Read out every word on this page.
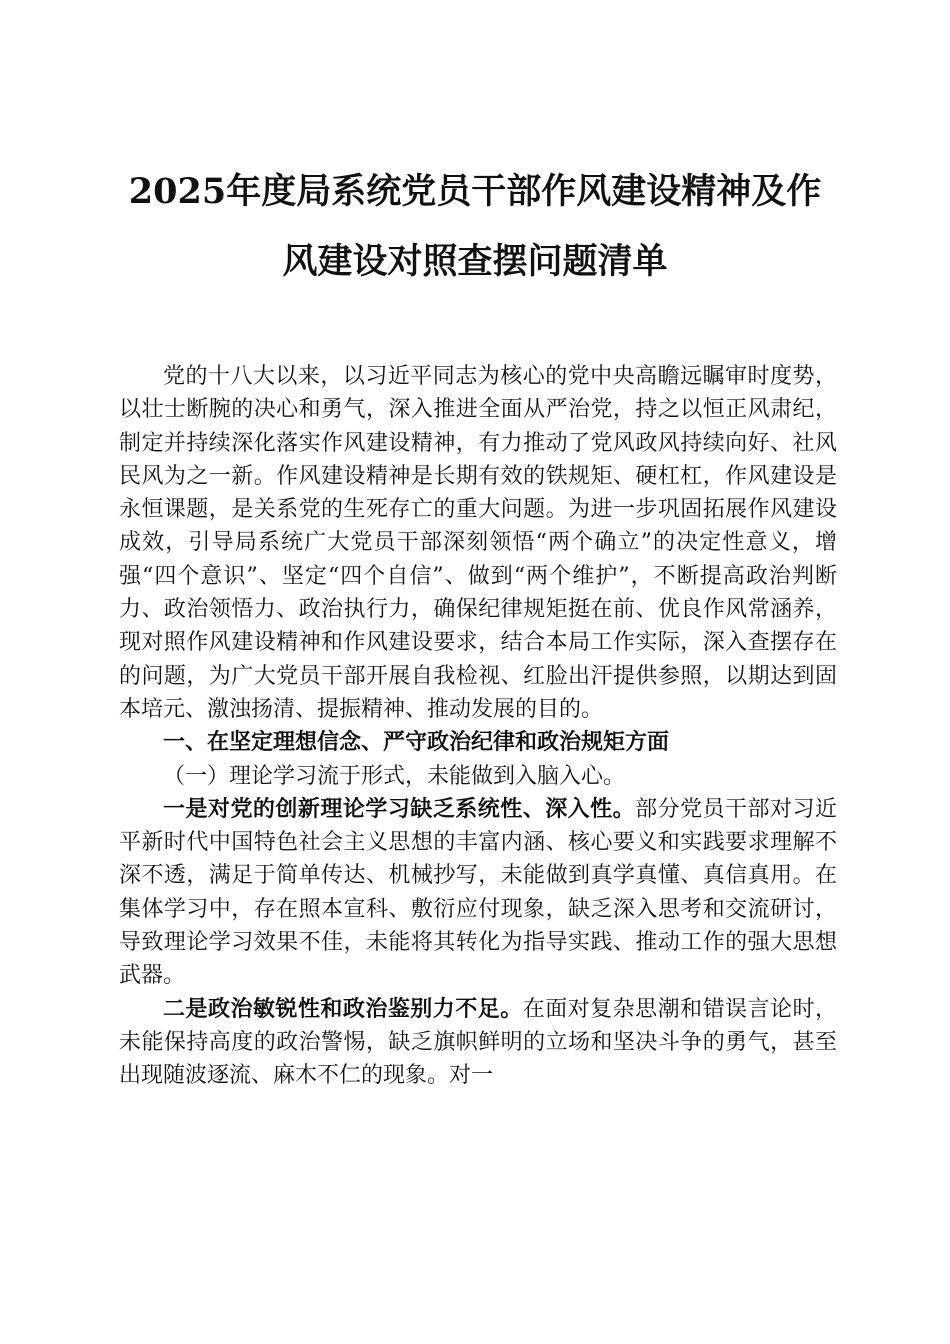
2025年度局系统党员干部作风建设精神及作
风建设对照查摆问题清单

党的十八大以来，以习近平同志为核心的党中央高瞻远瞩审时度势，以壮士断腕的决心和勇气，深入推进全面从严治党，持之以恒正风肃纪，制定并持续深化落实作风建设精神，有力推动了党风政风持续向好、社风民风为之一新。作风建设精神是长期有效的铁规矩、硬杠杠，作风建设是永恒课题，是关系党的生死存亡的重大问题。为进一步巩固拓展作风建设成效，引导局系统广大党员干部深刻领悟“两个确立”的决定性意义，增强“四个意识”、坚定“四个自信”、做到“两个维护”，不断提高政治判断力、政治领悟力、政治执行力，确保纪律规矩挺在前、优良作风常涵养，现对照作风建设精神和作风建设要求，结合本局工作实际，深入查摆存在的问题，为广大党员干部开展自我检视、红脸出汗提供参照，以期达到固本培元、激浊扬清、提振精神、推动发展的目的。

一、在坚定理想信念、严守政治纪律和政治规矩方面

（一）理论学习流于形式，未能做到入脑入心。

一是对党的创新理论学习缺乏系统性、深入性。部分党员干部对习近平新时代中国特色社会主义思想的丰富内涵、核心要义和实践要求理解不深不透，满足于简单传达、机械抄写，未能做到真学真懂、真信真用。在集体学习中，存在照本宣科、敷衍应付现象，缺乏深入思考和交流研讨，导致理论学习效果不佳，未能将其转化为指导实践、推动工作的强大思想武器。

二是政治敏锐性和政治鉴别力不足。在面对复杂思潮和错误言论时，未能保持高度的政治警惕，缺乏旗帜鲜明的立场和坚决斗争的勇气，甚至出现随波逐流、麻木不仁的现象。对一
